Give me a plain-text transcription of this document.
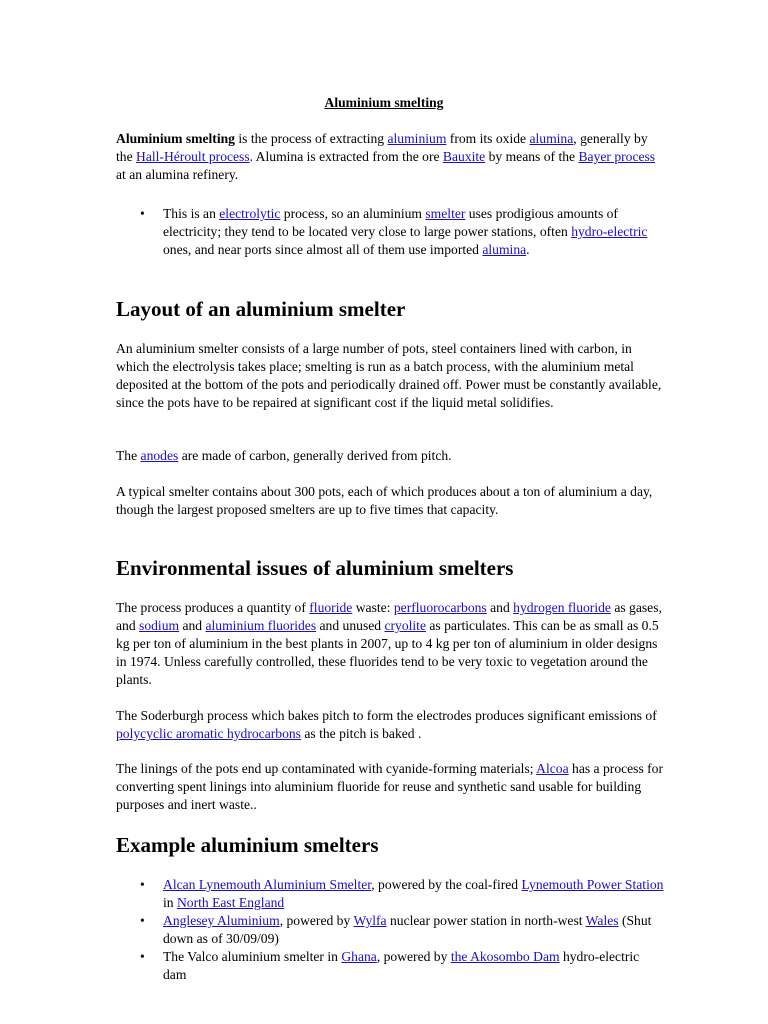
Aluminium smelting

Aluminium smelting is the process of extracting aluminium from its oxide alumina, generally by the Hall-Héroult process. Alumina is extracted from the ore Bauxite by means of the Bayer process at an alumina refinery.

• This is an electrolytic process, so an aluminium smelter uses prodigious amounts of electricity; they tend to be located very close to large power stations, often hydro-electric ones, and near ports since almost all of them use imported alumina.
Layout of an aluminium smelter

An aluminium smelter consists of a large number of pots, steel containers lined with carbon, in which the electrolysis takes place; smelting is run as a batch process, with the aluminium metal deposited at the bottom of the pots and periodically drained off. Power must be constantly available, since the pots have to be repaired at significant cost if the liquid metal solidifies.

The anodes are made of carbon, generally derived from pitch.

A typical smelter contains about 300 pots, each of which produces about a ton of aluminium a day, though the largest proposed smelters are up to five times that capacity.

Environmental issues of aluminium smelters

The process produces a quantity of fluoride waste: perfluorocarbons and hydrogen fluoride as gases, and sodium and aluminium fluorides and unused cryolite as particulates. This can be as small as 0.5 kg per ton of aluminium in the best plants in 2007, up to 4 kg per ton of aluminium in older designs in 1974. Unless carefully controlled, these fluorides tend to be very toxic to vegetation around the plants.

The Soderburgh process which bakes pitch to form the electrodes produces significant emissions of polycyclic aromatic hydrocarbons as the pitch is baked .

The linings of the pots end up contaminated with cyanide-forming materials; Alcoa has a process for converting spent linings into aluminium fluoride for reuse and synthetic sand usable for building purposes and inert waste..

Example aluminium smelters
• Alcan Lynemouth Aluminium Smelter, powered by the coal-fired Lynemouth Power Station in North East England
• Anglesey Aluminium, powered by Wylfa nuclear power station in north-west Wales (Shut down as of 30/09/09)
• The Valco aluminium smelter in Ghana, powered by the Akosombo Dam hydro-electric dam
